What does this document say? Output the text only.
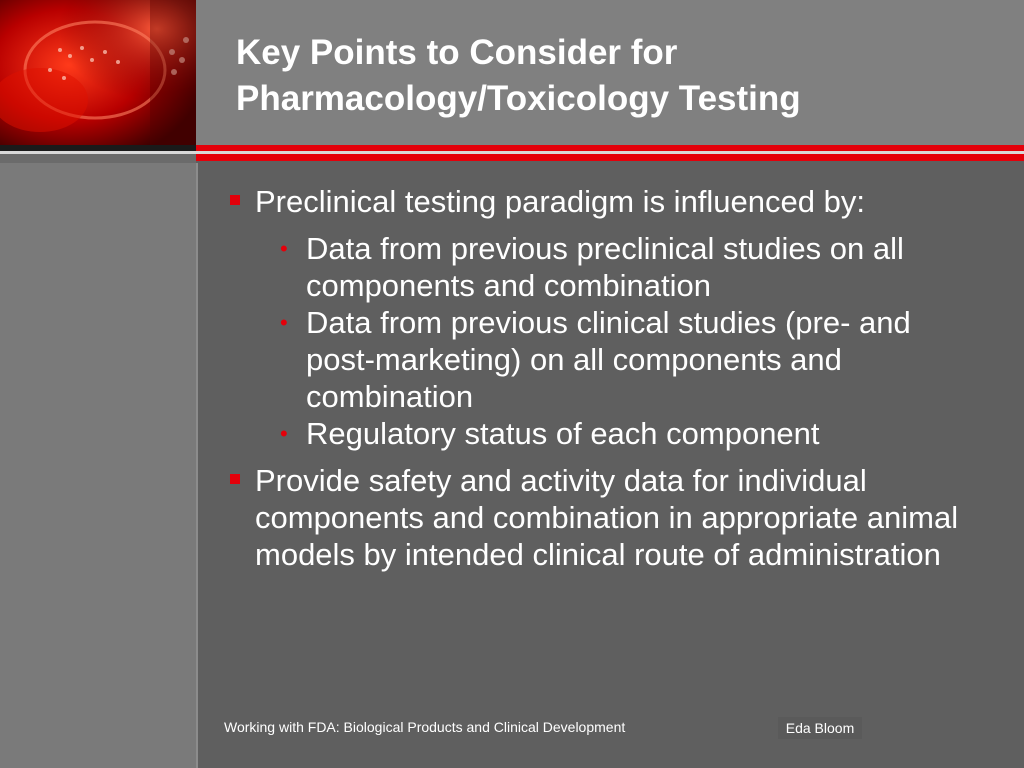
Key Points to Consider for Pharmacology/Toxicology Testing
Preclinical testing paradigm is influenced by:
• Data from previous preclinical studies on all components and combination
• Data from previous clinical studies (pre- and post-marketing) on all components and combination
• Regulatory status of each component
Provide safety and activity data for individual components and combination in appropriate animal models by intended clinical route of administration
Working with FDA: Biological Products and Clinical Development	Eda Bloom
